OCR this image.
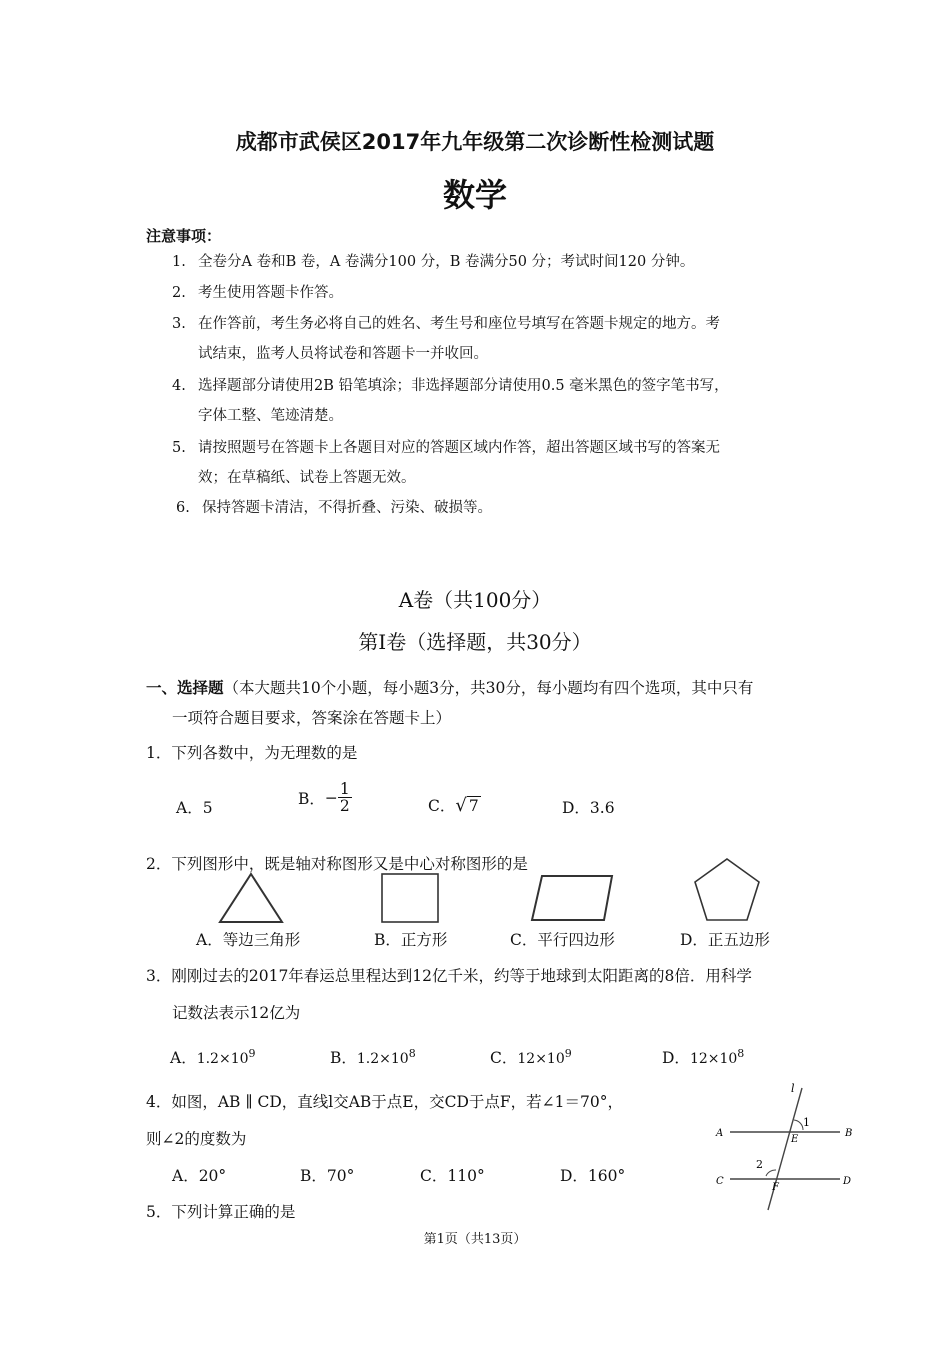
成都市武侯区2017年九年级第二次诊断性检测试题
数学
注意事项：
1. 全卷分A 卷和B 卷，A 卷满分100 分，B 卷满分50 分；考试时间120 分钟。
2. 考生使用答题卡作答。
3. 在作答前，考生务必将自己的姓名、考生号和座位号填写在答题卡规定的地方。考
试结束，监考人员将试卷和答题卡一并收回。
4. 选择题部分请使用2B 铅笔填涂；非选择题部分请使用0.5 毫米黑色的签字笔书写，
字体工整、笔迹清楚。
5. 请按照题号在答题卡上各题目对应的答题区域内作答，超出答题区域书写的答案无
效；在草稿纸、试卷上答题无效。
6. 保持答题卡清洁，不得折叠、污染、破损等。
A卷（共100分）
第Ⅰ卷（选择题，共30分）
一、选择题（本大题共10个小题，每小题3分，共30分，每小题均有四个选项，其中只有
一项符合题目要求，答案涂在答题卡上）
1．下列各数中，为无理数的是
A．5
B．− $\frac{1}{2}$	C．√ 7	D．3.6
2．下列图形中，既是轴对称图形又是中心对称图形的是
A．等边三角形	B．正方形	C．平行四边形	D．正五边形
3．刚刚过去的2017年春运总里程达到12亿千米，约等于地球到太阳距离的8倍．用科学
记数法表示12亿为
A．$1.2\times 10^9$	B．$1.2\times 10^8$	C．$12\times 10^9$	D．$12\times 10^8$
4．如图，AB ∥ CD，直线l交AB于点E，交CD于点F，若∠1＝70°，
则∠2的度数为
A．20°	B．70°	C．110°	D．160°
l
1
2
A	B
C	D
E
F
5．下列计算正确的是
第1页（共13页）
